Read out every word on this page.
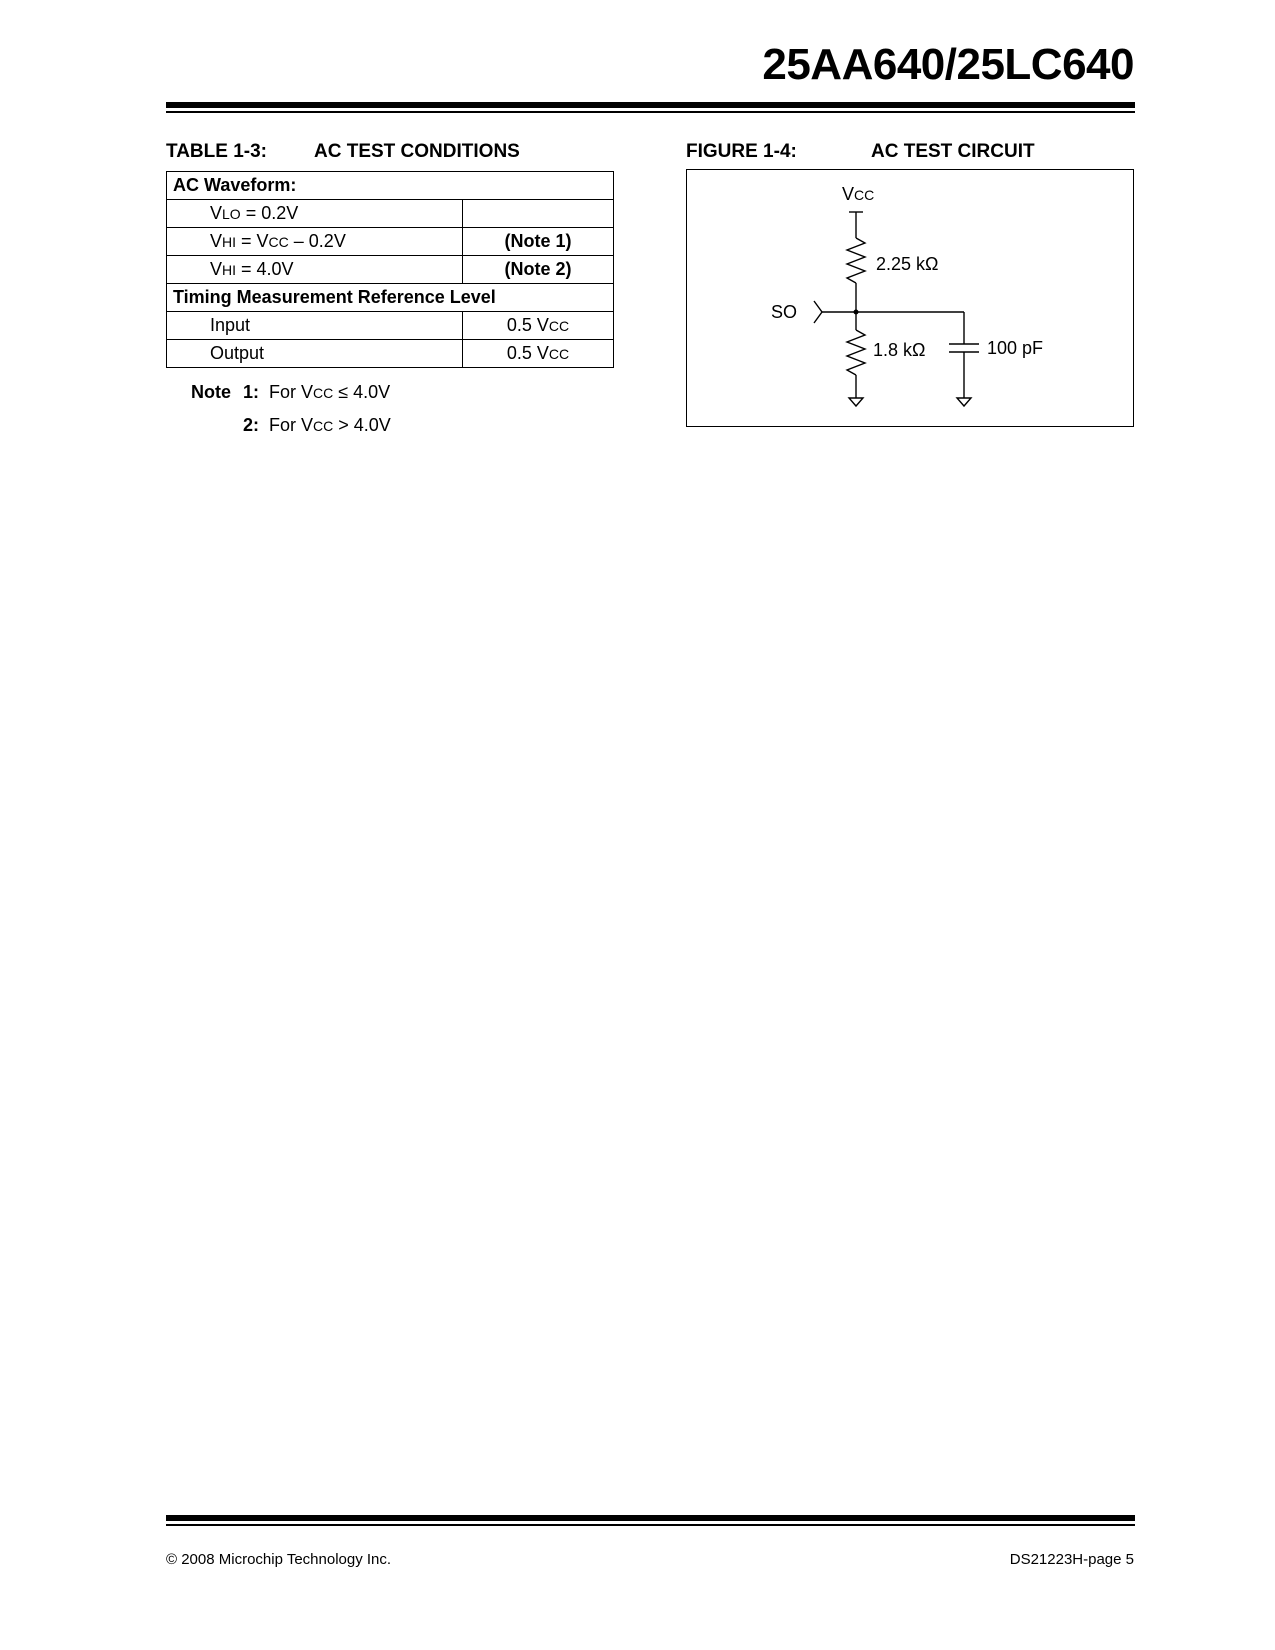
25AA640/25LC640
TABLE 1-3: AC TEST CONDITIONS
AC Waveform:	
VLO = 0.2V	
VHI = VCC – 0.2V	(Note 1)
VHI = 4.0V	(Note 2)
Timing Measurement Reference Level	
Input	0.5 VCC
Output	0.5 VCC
Note 1: For VCC ≤ 4.0V
2: For VCC > 4.0V
FIGURE 1-4:	AC TEST CIRCUIT
VCC
2.25 kΩ
1.8 kΩ	100 pF
SO
© 2008 Microchip Technology Inc.	DS21223H-page 5
